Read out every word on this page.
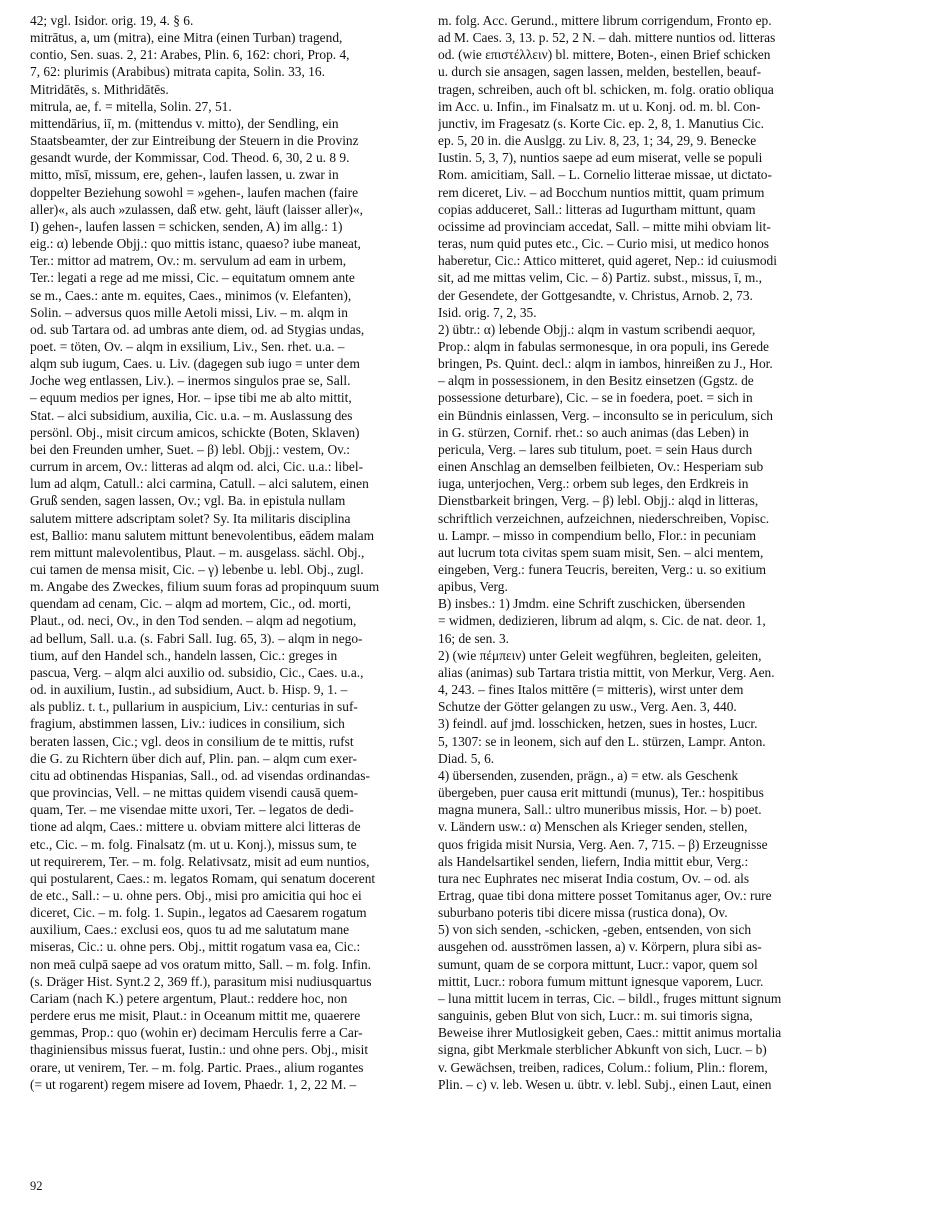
42; vgl. Isidor. orig. 19, 4. § 6.
mitrātus, a, um (mitra), eine Mitra (einen Turban) tragend,
contio, Sen. suas. 2, 21: Arabes, Plin. 6, 162: chori, Prop. 4,
7, 62: plurimis (Arabibus) mitrata capita, Solin. 33, 16.
Mitridātēs, s. Mithridātēs.
mitrula, ae, f. = mitella, Solin. 27, 51.
mittendārius, iī, m. (mittendus v. mitto), der Sendling, ein
Staatsbeamter, der zur Eintreibung der Steuern in die Provinz
gesandt wurde, der Kommissar, Cod. Theod. 6, 30, 2 u. 8 9.
mitto, mīsī, missum, ere, gehen-, laufen lassen, u. zwar in
doppelter Beziehung sowohl = »gehen-, laufen machen (faire
aller)«, als auch »zulassen, daß etw. geht, läuft (laisser aller)«,
I) gehen-, laufen lassen = schicken, senden, A) im allg.: 1)
eig.: α) lebende Objj.: quo mittis istanc, quaeso? iube maneat,
Ter.: mittor ad matrem, Ov.: m. servulum ad eam in urbem,
Ter.: legati a rege ad me missi, Cic. – equitatum omnem ante
se m., Caes.: ante m. equites, Caes., minimos (v. Elefanten),
Solin. – adversus quos mille Aetoli missi, Liv. – m. alqm in
od. sub Tartara od. ad umbras ante diem, od. ad Stygias undas,
poet. = töten, Ov. – alqm in exsilium, Liv., Sen. rhet. u.a. –
alqm sub iugum, Caes. u. Liv. (dagegen sub iugo = unter dem
Joche weg entlassen, Liv.). – inermos singulos prae se, Sall.
– equum medios per ignes, Hor. – ipse tibi me ab alto mittit,
Stat. – alci subsidium, auxilia, Cic. u.a. – m. Auslassung des
persönl. Obj., misit circum amicos, schickte (Boten, Sklaven)
bei den Freunden umher, Suet. – β) lebl. Objj.: vestem, Ov.:
currum in arcem, Ov.: litteras ad alqm od. alci, Cic. u.a.: libel-
lum ad alqm, Catull.: alci carmina, Catull. – alci salutem, einen
Gruß senden, sagen lassen, Ov.; vgl. Ba. in epistula nullam
salutem mittere adscriptam solet? Sy. Ita militaris disciplina
est, Ballio: manu salutem mittunt benevolentibus, eādem malam
rem mittunt malevolentibus, Plaut. – m. ausgelass. sächl. Obj.,
cui tamen de mensa misit, Cic. – γ) lebenbe u. lebl. Obj., zugl.
m. Angabe des Zweckes, filium suum foras ad propinquum suum
quendam ad cenam, Cic. – alqm ad mortem, Cic., od. morti,
Plaut., od. neci, Ov., in den Tod senden. – alqm ad negotium,
ad bellum, Sall. u.a. (s. Fabri Sall. Iug. 65, 3). – alqm in nego-
tium, auf den Handel sch., handeln lassen, Cic.: greges in
pascua, Verg. – alqm alci auxilio od. subsidio, Cic., Caes. u.a.,
od. in auxilium, Iustin., ad subsidium, Auct. b. Hisp. 9, 1. –
als publiz. t. t., pullarium in auspicium, Liv.: centurias in suf-
fragium, abstimmen lassen, Liv.: iudices in consilium, sich
beraten lassen, Cic.; vgl. deos in consilium de te mittis, rufst
die G. zu Richtern über dich auf, Plin. pan. – alqm cum exer-
citu ad obtinendas Hispanias, Sall., od. ad visendas ordinandas-
que provincias, Vell. – ne mittas quidem visendi causā quem-
quam, Ter. – me visendae mitte uxori, Ter. – legatos de dedi-
tione ad alqm, Caes.: mittere u. obviam mittere alci litteras de
etc., Cic. – m. folg. Finalsatz (m. ut u. Konj.), missus sum, te
ut requirerem, Ter. – m. folg. Relativsatz, misit ad eum nuntios,
qui postularent, Caes.: m. legatos Romam, qui senatum docerent
de etc., Sall.: – u. ohne pers. Obj., misi pro amicitia qui hoc ei
diceret, Cic. – m. folg. 1. Supin., legatos ad Caesarem rogatum
auxilium, Caes.: exclusi eos, quos tu ad me salutatum mane
miseras, Cic.: u. ohne pers. Obj., mittit rogatum vasa ea, Cic.:
non meā culpā saepe ad vos oratum mitto, Sall. – m. folg. Infin.
(s. Dräger Hist. Synt.2 2, 369 ff.), parasitum misi nudiusquartus
Cariam (nach K.) petere argentum, Plaut.: reddere hoc, non
perdere erus me misit, Plaut.: in Oceanum mittit me, quaerere
gemmas, Prop.: quo (wohin er) decimam Herculis ferre a Car-
thaginiensibus missus fuerat, Iustin.: und ohne pers. Obj., misit
orare, ut venirem, Ter. – m. folg. Partic. Praes., alium rogantes
(= ut rogarent) regem misere ad Iovem, Phaedr. 1, 2, 22 M. –
m. folg. Acc. Gerund., mittere librum corrigendum, Fronto ep.
ad M. Caes. 3, 13. p. 52, 2 N. – dah. mittere nuntios od. litteras
od. (wie επιστέλλειν) bl. mittere, Boten-, einen Brief schicken
u. durch sie ansagen, sagen lassen, melden, bestellen, beauf-
tragen, schreiben, auch oft bl. schicken, m. folg. oratio obliqua
im Acc. u. Infin., im Finalsatz m. ut u. Konj. od. m. bl. Con-
junctiv, im Fragesatz (s. Korte Cic. ep. 2, 8, 1. Manutius Cic.
ep. 5, 20 in. die Auslgg. zu Liv. 8, 23, 1; 34, 29, 9. Benecke
Iustin. 5, 3, 7), nuntios saepe ad eum miserat, velle se populi
Rom. amicitiam, Sall. – L. Cornelio litterae missae, ut dictato-
rem diceret, Liv. – ad Bocchum nuntios mittit, quam primum
copias adduceret, Sall.: litteras ad Iugurtham mittunt, quam
ocissime ad provinciam accedat, Sall. – mitte mihi obviam lit-
teras, num quid putes etc., Cic. – Curio misi, ut medico honos
haberetur, Cic.: Attico mitteret, quid ageret, Nep.: id cuiusmodi
sit, ad me mittas velim, Cic. – δ) Partiz. subst., missus, ī, m.,
der Gesendete, der Gottgesandte, v. Christus, Arnob. 2, 73.
Isid. orig. 7, 2, 35.
2) übtr.: α) lebende Objj.: alqm in vastum scribendi aequor,
Prop.: alqm in fabulas sermonesque, in ora populi, ins Gerede
bringen, Ps. Quint. decl.: alqm in iambos, hinreißen zu J., Hor.
– alqm in possessionem, in den Besitz einsetzen (Ggstz. de
possessione deturbare), Cic. – se in foedera, poet. = sich in
ein Bündnis einlassen, Verg. – inconsulto se in periculum, sich
in G. stürzen, Cornif. rhet.: so auch animas (das Leben) in
pericula, Verg. – lares sub titulum, poet. = sein Haus durch
einen Anschlag an demselben feilbieten, Ov.: Hesperiam sub
iuga, unterjochen, Verg.: orbem sub leges, den Erdkreis in
Dienstbarkeit bringen, Verg. – β) lebl. Objj.: alqd in litteras,
schriftlich verzeichnen, aufzeichnen, niederschreiben, Vopisc.
u. Lampr. – misso in compendium bello, Flor.: in pecuniam
aut lucrum tota civitas spem suam misit, Sen. – alci mentem,
eingeben, Verg.: funera Teucris, bereiten, Verg.: u. so exitium
apibus, Verg.
B) insbes.: 1) Jmdm. eine Schrift zuschicken, übersenden
= widmen, dedizieren, librum ad alqm, s. Cic. de nat. deor. 1,
16; de sen. 3.
2) (wie πέμπειν) unter Geleit wegführen, begleiten, geleiten,
alias (animas) sub Tartara tristia mittit, von Merkur, Verg. Aen.
4, 243. – fines Italos mittēre (= mitteris), wirst unter dem
Schutze der Götter gelangen zu usw., Verg. Aen. 3, 440.
3) feindl. auf jmd. losschicken, hetzen, sues in hostes, Lucr.
5, 1307: se in leonem, sich auf den L. stürzen, Lampr. Anton.
Diad. 5, 6.
4) übersenden, zusenden, prägn., a) = etw. als Geschenk
übergeben, puer causa erit mittundi (munus), Ter.: hospitibus
magna munera, Sall.: ultro muneribus missis, Hor. – b) poet.
v. Ländern usw.: α) Menschen als Krieger senden, stellen,
quos frigida misit Nursia, Verg. Aen. 7, 715. – β) Erzeugnisse
als Handelsartikel senden, liefern, India mittit ebur, Verg.:
tura nec Euphrates nec miserat India costum, Ov. – od. als
Ertrag, quae tibi dona mittere posset Tomitanus ager, Ov.: rure
suburbano poteris tibi dicere missa (rustica dona), Ov.
5) von sich senden, -schicken, -geben, entsenden, von sich
ausgehen od. ausströmen lassen, a) v. Körpern, plura sibi as-
sumunt, quam de se corpora mittunt, Lucr.: vapor, quem sol
mittit, Lucr.: robora fumum mittunt ignesque vaporem, Lucr.
– luna mittit lucem in terras, Cic. – bildl., fruges mittunt signum
sanguinis, geben Blut von sich, Lucr.: m. sui timoris signa,
Beweise ihrer Mutlosigkeit geben, Caes.: mittit animus mortalia
signa, gibt Merkmale sterblicher Abkunft von sich, Lucr. – b)
v. Gewächsen, treiben, radices, Colum.: folium, Plin.: florem,
Plin. – c) v. leb. Wesen u. übtr. v. lebl. Subj., einen Laut, einen
92
